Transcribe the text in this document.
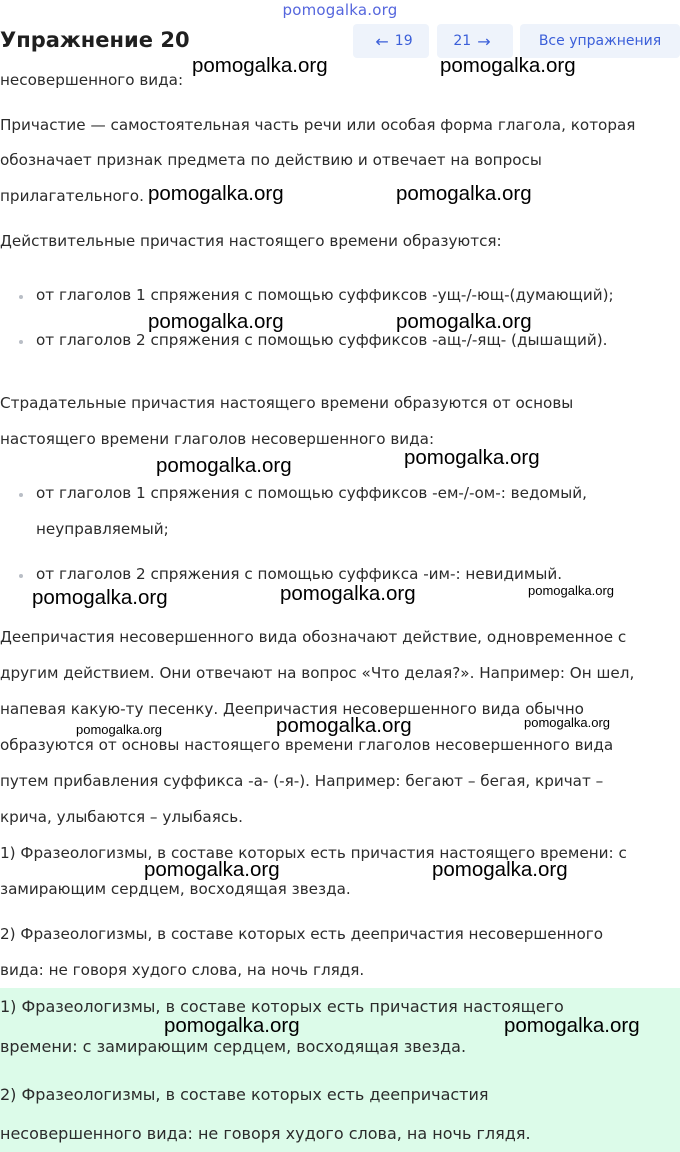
pomogalka.org
Упражнение 20	← 19	21 →	Все упражнения
несовершенного вида:
Причастие — самостоятельная часть речи или особая форма глагола, которая
обозначает признак предмета по действию и отвечает на вопросы
прилагательного.
Действительные причастия настоящего времени образуются:
от глаголов 1 спряжения с помощью суффиксов -ущ-/-ющ-(думающий);
от глаголов 2 спряжения с помощью суффиксов -ащ-/-ящ- (дышащий).
Страдательные причастия настоящего времени образуются от основы
настоящего времени глаголов несовершенного вида:
от глаголов 1 спряжения с помощью суффиксов -ем-/-ом-: ведомый,
неуправляемый;
от глаголов 2 спряжения с помощью суффикса -им-: невидимый.
Деепричастия несовершенного вида обозначают действие, одновременное с
другим действием. Они отвечают на вопрос «Что делая?». Например: Он шел,
напевая какую-ту песенку. Деепричастия несовершенного вида обычно
образуются от основы настоящего времени глаголов несовершенного вида
путем прибавления суффикса -а- (-я-). Например: бегают – бегая, кричат –
крича, улыбаются – улыбаясь.
1) Фразеологизмы, в составе которых есть причастия настоящего времени: с
замирающим сердцем, восходящая звезда.
2) Фразеологизмы, в составе которых есть деепричастия несовершенного
вида: не говоря худого слова, на ночь глядя.
1) Фразеологизмы, в составе которых есть причастия настоящего
времени: с замирающим сердцем, восходящая звезда.
2) Фразеологизмы, в составе которых есть деепричастия
несовершенного вида: не говоря худого слова, на ночь глядя.
pomogalka.org	pomogalka.org
pomogalka.org	pomogalka.org
pomogalka.org	pomogalka.org
pomogalka.org	pomogalka.org
pomogalka.org	pomogalka.org	pomogalka.org
pomogalka.org	pomogalka.org	pomogalka.org
pomogalka.org	pomogalka.org
pomogalka.org	pomogalka.org
